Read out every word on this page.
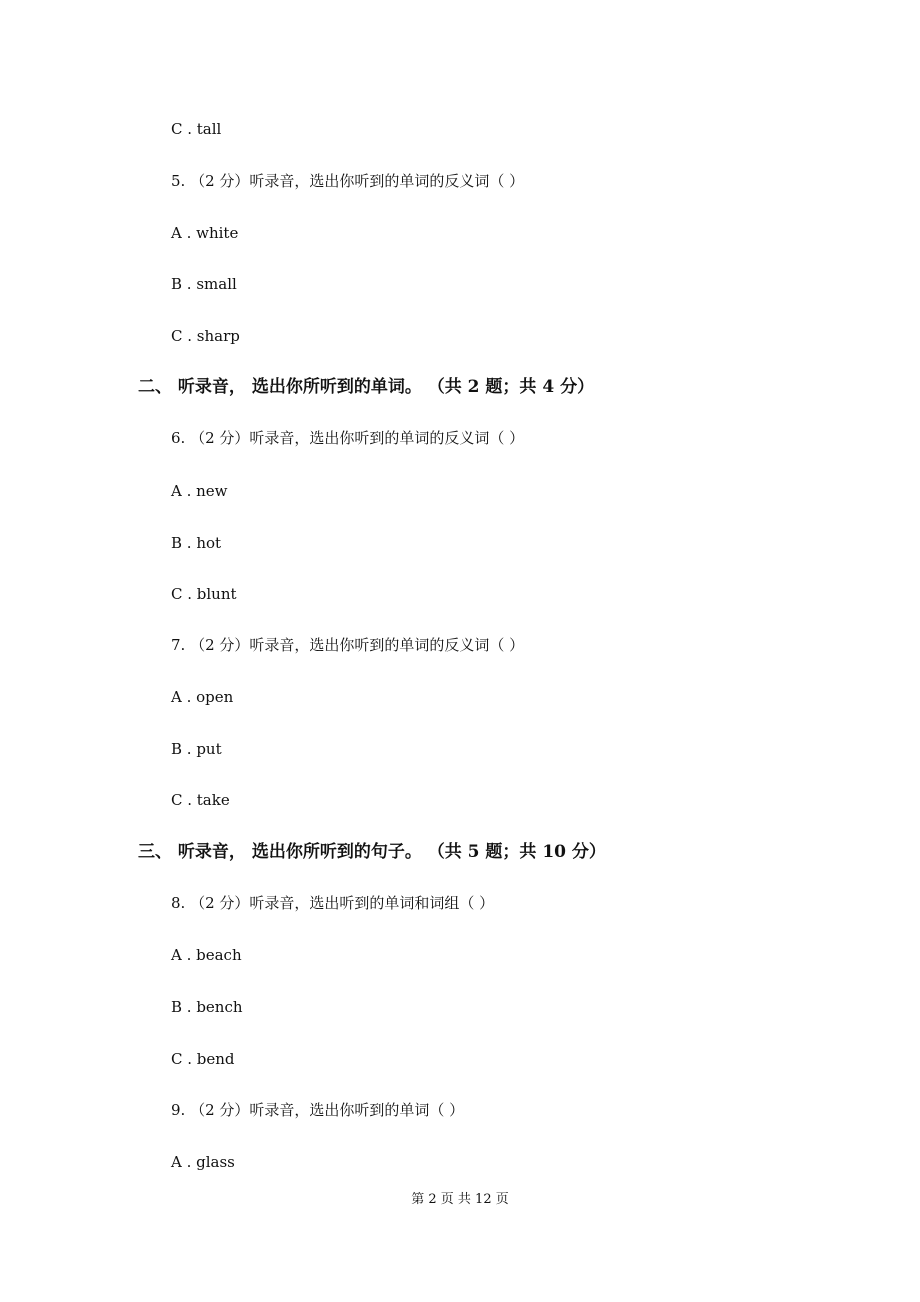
C . tall
5. （2 分）听录音，选出你听到的单词的反义词（ ）
A . white
B . small
C . sharp
二、 听录音， 选出你所听到的单词。 （共 2 题；共 4 分）
6. （2 分）听录音，选出你听到的单词的反义词（ ）
A . new
B . hot
C . blunt
7. （2 分）听录音，选出你听到的单词的反义词（ ）
A . open
B . put
C . take
三、 听录音， 选出你所听到的句子。 （共 5 题；共 10 分）
8. （2 分）听录音，选出听到的单词和词组（ ）
A . beach
B . bench
C . bend
9. （2 分）听录音，选出你听到的单词（ ）
A . glass
第 2 页 共 12 页
